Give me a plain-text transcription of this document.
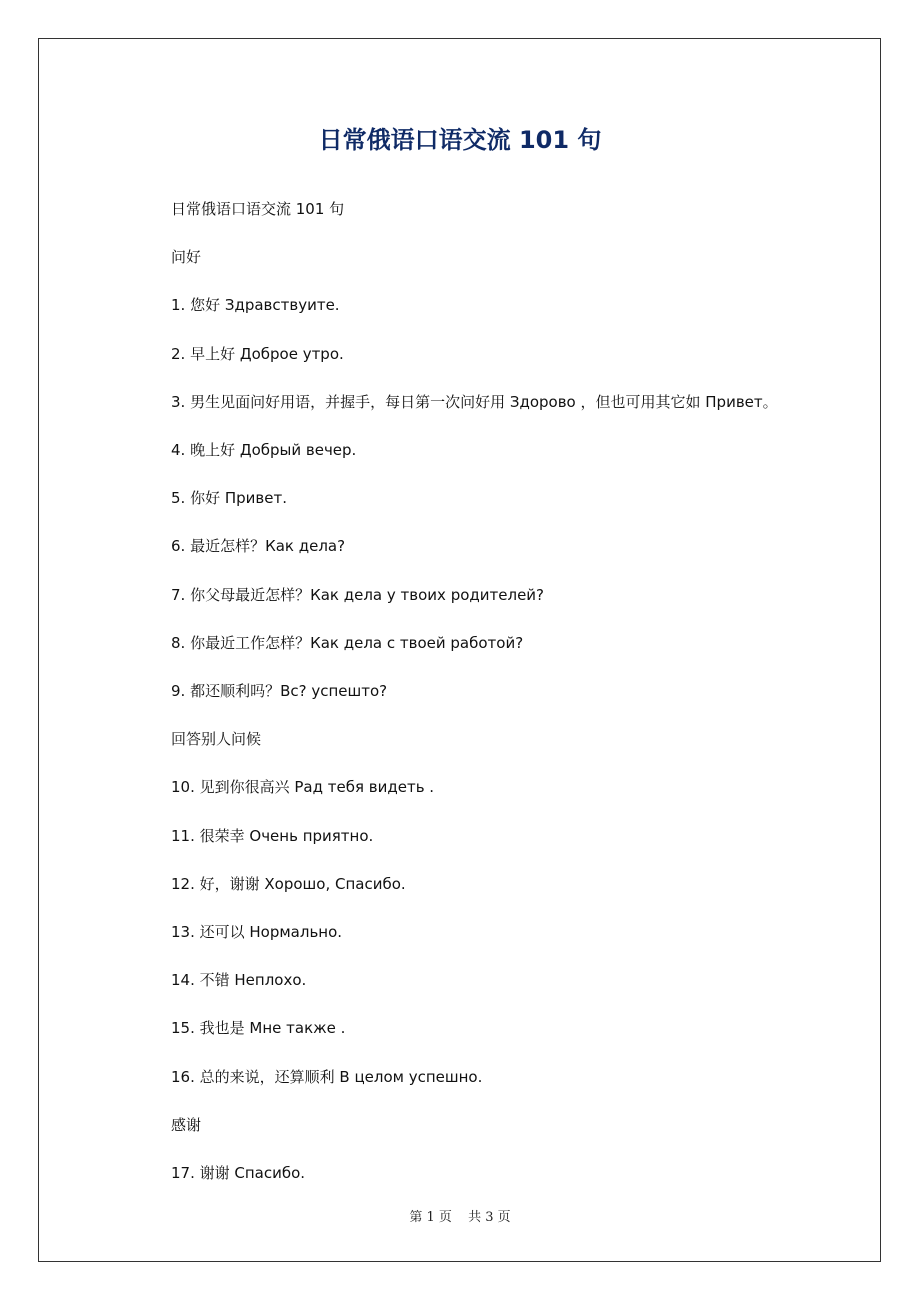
日常俄语口语交流 101 句
日常俄语口语交流 101 句
问好
1. 您好 Здравствуите.
2. 早上好 Доброе утро.
3. 男生见面问好用语，并握手，每日第一次问好用 Здорово ，但也可用其它如 Привет。
4. 晚上好 Добрый вечер.
5. 你好 Привет.
6. 最近怎样？Как дела?
7. 你父母最近怎样？Как дела у твоих родителей?
8. 你最近工作怎样？Как дела с твоей работой?
9. 都还顺利吗？Вс? успешто?
回答别人问候
10. 见到你很高兴 Рад тебя видеть .
11. 很荣幸 Очень приятно.
12. 好，谢谢 Хорошо, Спасибо.
13. 还可以 Нормально.
14. 不错 Неплохо.
15. 我也是 Мне также .
16. 总的来说，还算顺利 В целом успешно.
感谢
17. 谢谢 Спасибо.
第 1 页 共 3 页
